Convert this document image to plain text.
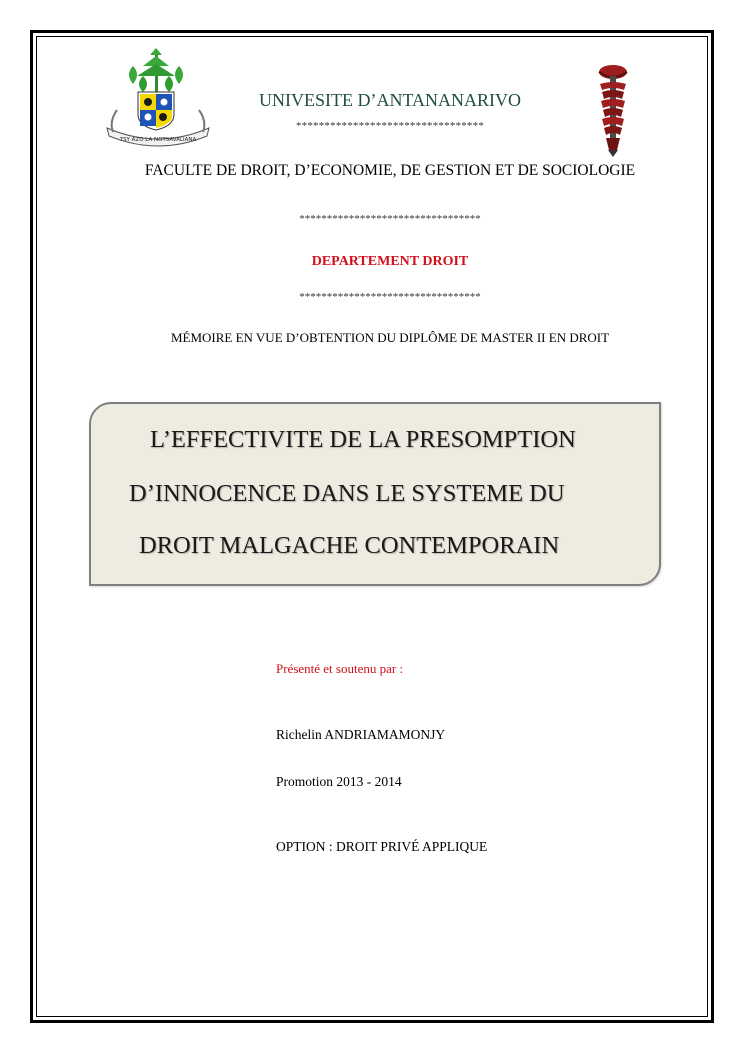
TSY AZO LA NOTSAVALIANA
UNIVESITE D’ANTANANARIVO
*********************************
FACULTE DE DROIT, D’ECONOMIE, DE GESTION ET DE SOCIOLOGIE
*********************************
DEPARTEMENT DROIT
*********************************
MÉMOIRE EN VUE D’OBTENTION DU DIPLÔME DE MASTER II EN DROIT
L’EFFECTIVITE DE LA PRESOMPTION
D’INNOCENCE DANS LE SYSTEME DU
DROIT MALGACHE CONTEMPORAIN
Présenté et soutenu par :
Richelin ANDRIAMAMONJY
Promotion 2013 - 2014
OPTION : DROIT PRIVÉ APPLIQUE
